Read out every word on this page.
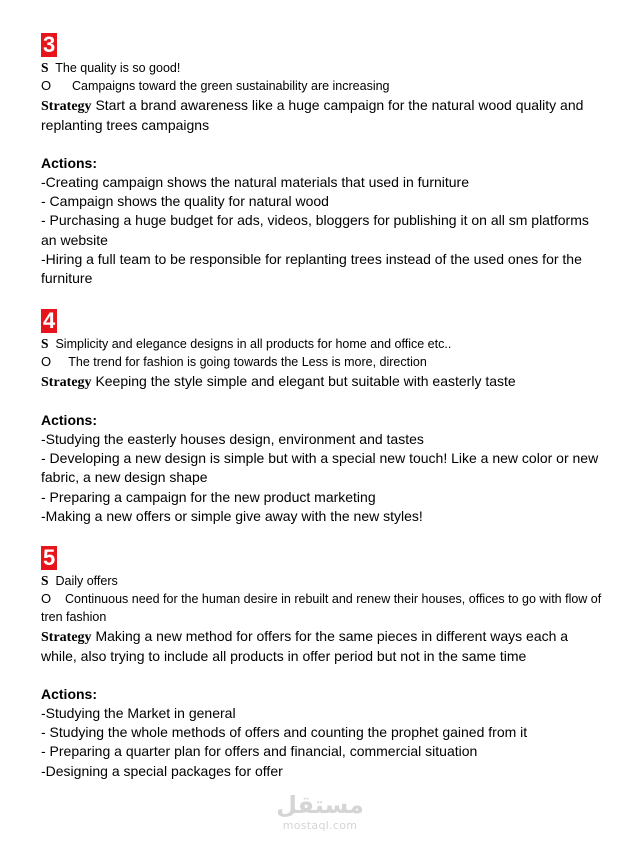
3
S The quality is so good!
O Campaigns toward the green sustainability are increasing
Strategy Start a brand awareness like a huge campaign for the natural wood quality and replanting trees campaigns
Actions:
-Creating campaign shows the natural materials that used in furniture
- Campaign shows the quality for natural wood
- Purchasing a huge budget for ads, videos, bloggers for publishing it on all sm platforms an website
-Hiring a full team to be responsible for replanting trees instead of the used ones for the furniture
4
S Simplicity and elegance designs in all products for home and office etc..
O The trend for fashion is going towards the Less is more, direction
Strategy Keeping the style simple and elegant but suitable with easterly taste
Actions:
-Studying the easterly houses design, environment and tastes
- Developing a new design is simple but with a special new touch! Like a new color or new fabric, a new design shape
- Preparing a campaign for the new product marketing
-Making a new offers or simple give away with the new styles!
5
S Daily offers
O Continuous need for the human desire in rebuilt and renew their houses, offices to go with flow of tren fashion
Strategy Making a new method for offers for the same pieces in different ways each a while, also trying to include all products in offer period but not in the same time
Actions:
-Studying the Market in general
- Studying the whole methods of offers and counting the prophet gained from it
- Preparing a quarter plan for offers and financial, commercial situation
-Designing a special packages for offer
مستقل
mostaql.com
